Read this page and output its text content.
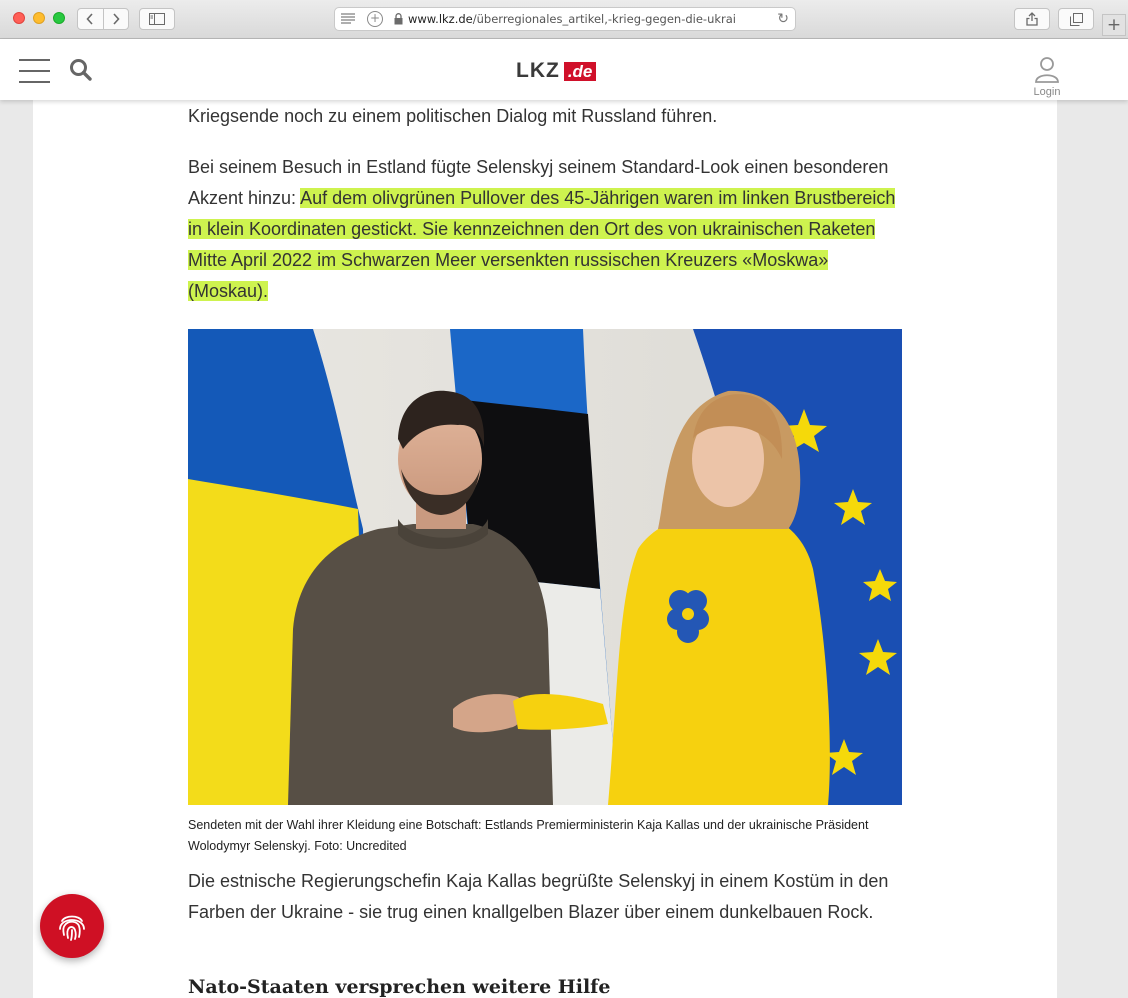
+ www.lkz.de/überregionales_artikel,-krieg-gegen-die-ukrai	↻	+
LKZ .de
Login

Kriegsende noch zu einem politischen Dialog mit Russland führen.

Bei seinem Besuch in Estland fügte Selenskyj seinem Standard-Look einen besonderen Akzent hinzu: Auf dem olivgrünen Pullover des 45-Jährigen waren im linken Brustbereich in klein Koordinaten gestickt. Sie kennzeichnen den Ort des von ukrainischen Raketen Mitte April 2022 im Schwarzen Meer versenkten russischen Kreuzers «Moskwa» (Moskau).

Sendeten mit der Wahl ihrer Kleidung eine Botschaft: Estlands Premierministerin Kaja Kallas und der ukrainische Präsident Wolodymyr Selenskyj. Foto: Uncredited

Die estnische Regierungschefin Kaja Kallas begrüßte Selenskyj in einem Kostüm in den Farben der Ukraine - sie trug einen knallgelben Blazer über einem dunkelbauen Rock.

Nato-Staaten versprechen weitere Hilfe
